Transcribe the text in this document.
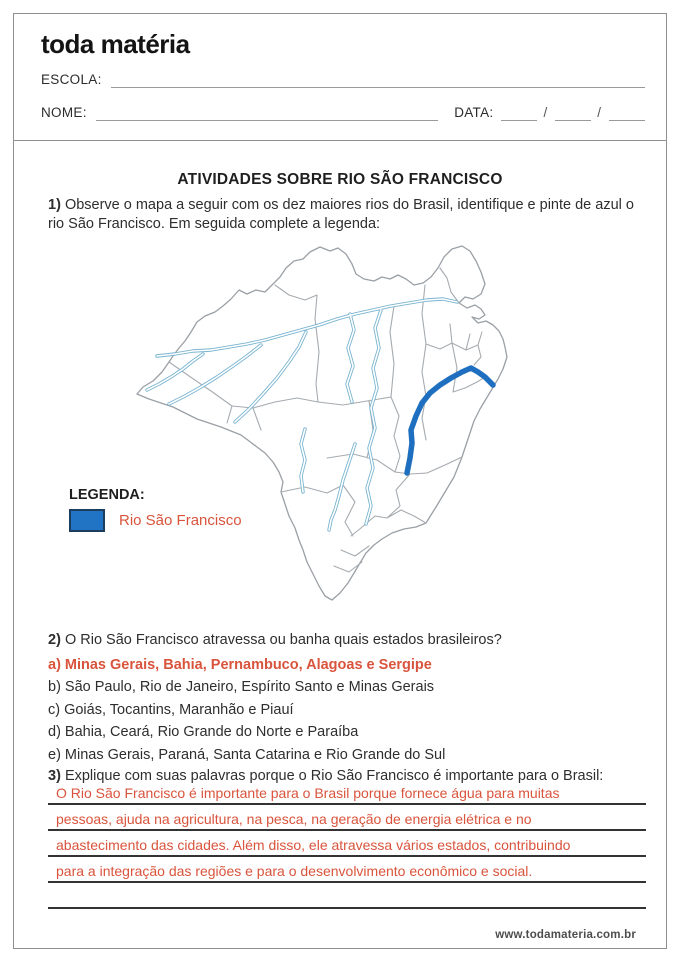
toda matéria
ESCOLA:
NOME:	DATA:	/	/
ATIVIDADES SOBRE RIO SÃO FRANCISCO
1) Observe o mapa a seguir com os dez maiores rios do Brasil, identifique e pinte de azul o rio São Francisco. Em seguida complete a legenda:
LEGENDA:
Rio São Francisco
2) O Rio São Francisco atravessa ou banha quais estados brasileiros?
a) Minas Gerais, Bahia, Pernambuco, Alagoas e Sergipe
b) São Paulo, Rio de Janeiro, Espírito Santo e Minas Gerais
c) Goiás, Tocantins, Maranhão e Piauí
d) Bahia, Ceará, Rio Grande do Norte e Paraíba
e) Minas Gerais, Paraná, Santa Catarina e Rio Grande do Sul
3) Explique com suas palavras porque o Rio São Francisco é importante para o Brasil:
O Rio São Francisco é importante para o Brasil porque fornece água para muitas
pessoas, ajuda na agricultura, na pesca, na geração de energia elétrica e no
abastecimento das cidades. Além disso, ele atravessa vários estados, contribuindo
para a integração das regiões e para o desenvolvimento econômico e social.
www.todamateria.com.br
